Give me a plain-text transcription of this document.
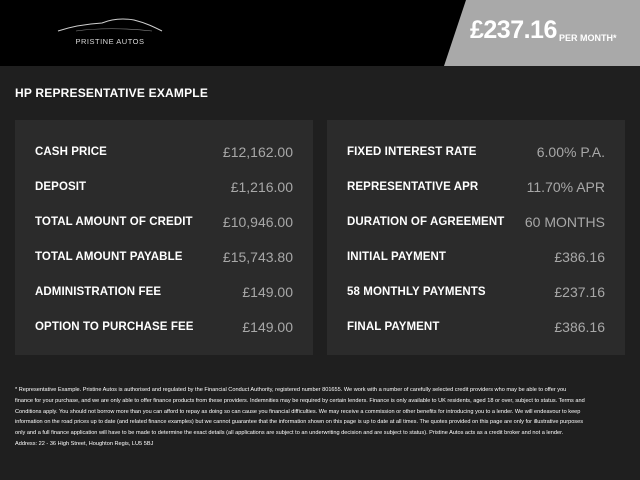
PRISTINE AUTOS	£237.16 PER MONTH*
HP REPRESENTATIVE EXAMPLE
CASH PRICE	£12,162.00
DEPOSIT	£1,216.00
TOTAL AMOUNT OF CREDIT £10,946.00
TOTAL AMOUNT PAYABLE	£15,743.80
ADMINISTRATION FEE	£149.00
OPTION TO PURCHASE FEE	£149.00
FIXED INTEREST RATE	6.00% P.A.
REPRESENTATIVE APR	11.70% APR
DURATION OF AGREEMENT 60 MONTHS
INITIAL PAYMENT	£386.16
58 MONTHLY PAYMENTS	£237.16
FINAL PAYMENT	£386.16
* Representative Example. Pristine Autos is authorised and regulated by the Financial Conduct Authority, registered number 801655. We work with a number of carefully selected credit providers who may be able to offer you finance for your purchase, and we are only able to offer finance products from these providers. Indemnities may be required by certain lenders. Finance is only available to UK residents, aged 18 or over, subject to status. Terms and Conditions apply. You should not borrow more than you can afford to repay as doing so can cause you financial difficulties. We may receive a commission or other benefits for introducing you to a lender. We will endeavour to keep information on the road prices up to date (and related finance examples) but we cannot guarantee that the information shown on this page is up to date at all times. The quotes provided on this page are only for illustrative purposes only and a full finance application will have to be made to determine the exact details (all applications are subject to an underwriting decision and are subject to status). Pristine Autos acts as a credit broker and not a lender. Address: 22 - 36 High Street, Houghton Regis, LU5 5BJ
